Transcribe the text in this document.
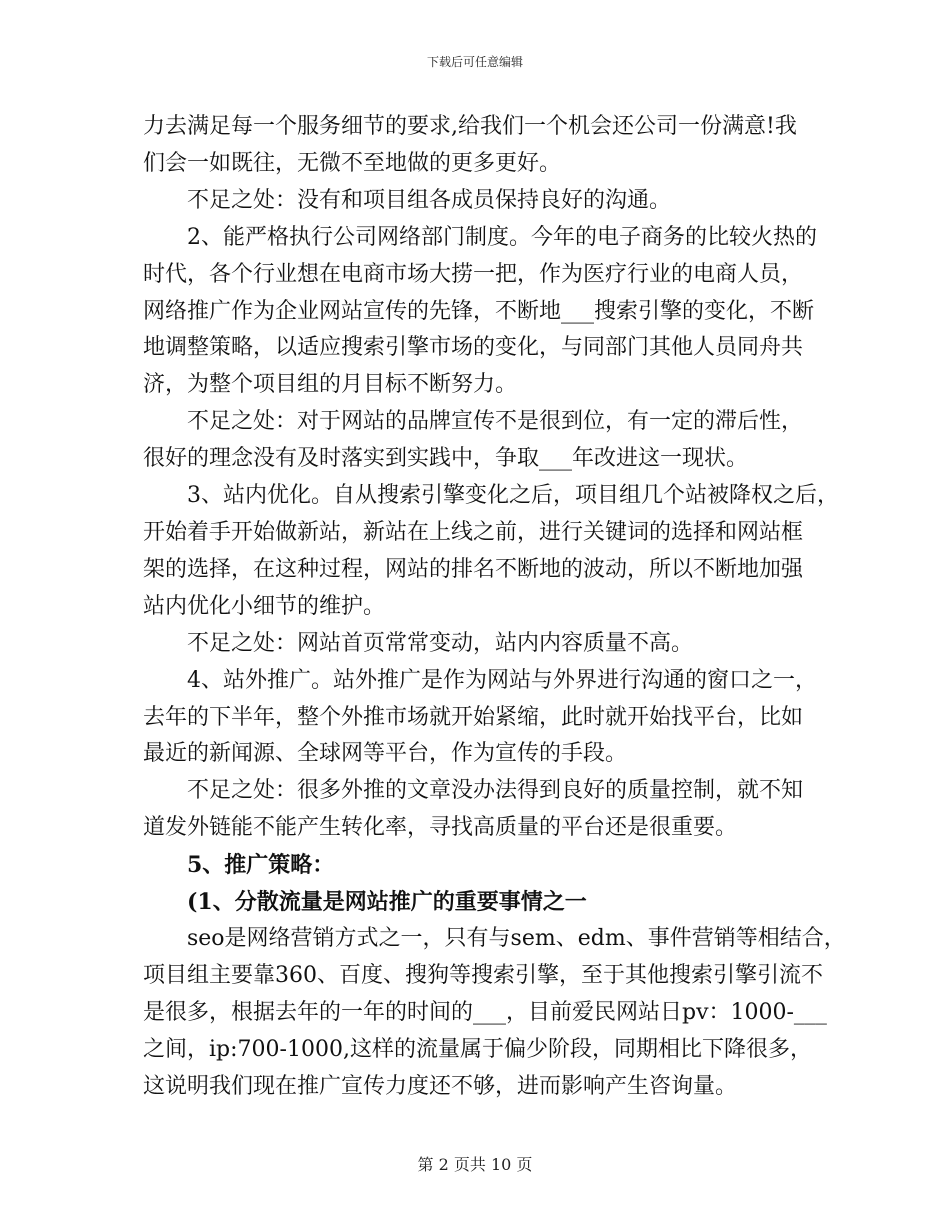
下载后可任意编辑
力去满足每一个服务细节的要求,给我们一个机会还公司一份满意!我
们会一如既往，无微不至地做的更多更好。
不足之处：没有和项目组各成员保持良好的沟通。
2、能严格执行公司网络部门制度。今年的电子商务的比较火热的
时代，各个行业想在电商市场大捞一把，作为医疗行业的电商人员，
网络推广作为企业网站宣传的先锋，不断地___搜索引擎的变化，不断
地调整策略，以适应搜索引擎市场的变化，与同部门其他人员同舟共
济，为整个项目组的月目标不断努力。
不足之处：对于网站的品牌宣传不是很到位，有一定的滞后性，
很好的理念没有及时落实到实践中，争取___年改进这一现状。
3、站内优化。自从搜索引擎变化之后，项目组几个站被降权之后，
开始着手开始做新站，新站在上线之前，进行关键词的选择和网站框
架的选择，在这种过程，网站的排名不断地的波动，所以不断地加强
站内优化小细节的维护。
不足之处：网站首页常常变动，站内内容质量不高。
4、站外推广。站外推广是作为网站与外界进行沟通的窗口之一，
去年的下半年，整个外推市场就开始紧缩，此时就开始找平台，比如
最近的新闻源、全球网等平台，作为宣传的手段。
不足之处：很多外推的文章没办法得到良好的质量控制，就不知
道发外链能不能产生转化率，寻找高质量的平台还是很重要。
5、推广策略：
(1、分散流量是网站推广的重要事情之一
seo是网络营销方式之一，只有与sem、edm、事件营销等相结合，
项目组主要靠360、百度、搜狗等搜索引擎，至于其他搜索引擎引流不
是很多，根据去年的一年的时间的___，目前爱民网站日pv：1000-___
之间，ip:700-1000,这样的流量属于偏少阶段，同期相比下降很多，
这说明我们现在推广宣传力度还不够，进而影响产生咨询量。
第 2 页共 10 页
